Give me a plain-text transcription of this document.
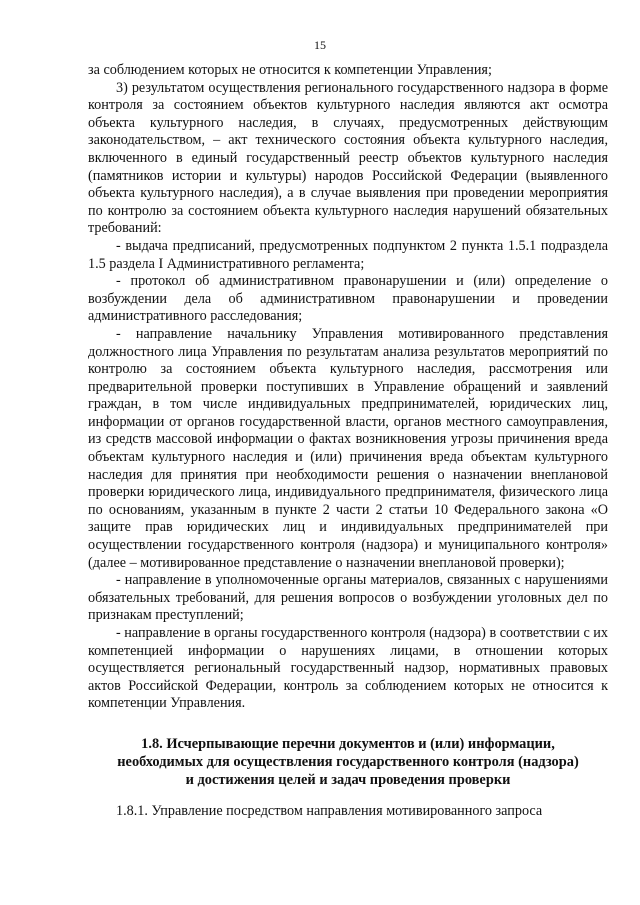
15

за соблюдением которых не относится к компетенции Управления;

3) результатом осуществления регионального государственного надзора в форме контроля за состоянием объектов культурного наследия являются акт осмотра объекта культурного наследия, в случаях, предусмотренных действующим законодательством, – акт технического состояния объекта культурного наследия, включенного в единый государственный реестр объектов культурного наследия (памятников истории и культуры) народов Российской Федерации (выявленного объекта культурного наследия), а в случае выявления при проведении мероприятия по контролю за состоянием объекта культурного наследия нарушений обязательных требований:

- выдача предписаний, предусмотренных подпунктом 2 пункта 1.5.1 подраздела 1.5 раздела I Административного регламента;

- протокол об административном правонарушении и (или) определение о возбуждении дела об административном правонарушении и проведении административного расследования;

- направление начальнику Управления мотивированного представления должностного лица Управления по результатам анализа результатов мероприятий по контролю за состоянием объекта культурного наследия, рассмотрения или предварительной проверки поступивших в Управление обращений и заявлений граждан, в том числе индивидуальных предпринимателей, юридических лиц, информации от органов государственной власти, органов местного самоуправления, из средств массовой информации о фактах возникновения угрозы причинения вреда объектам культурного наследия и (или) причинения вреда объектам культурного наследия для принятия при необходимости решения о назначении внеплановой проверки юридического лица, индивидуального предпринимателя, физического лица по основаниям, указанным в пункте 2 части 2 статьи 10 Федерального закона «О защите прав юридических лиц и индивидуальных предпринимателей при осуществлении государственного контроля (надзора) и муниципального контроля» (далее – мотивированное представление о назначении внеплановой проверки);

- направление в уполномоченные органы материалов, связанных с нарушениями обязательных требований, для решения вопросов о возбуждении уголовных дел по признакам преступлений;

- направление в органы государственного контроля (надзора) в соответствии с их компетенцией информации о нарушениях лицами, в отношении которых осуществляется региональный государственный надзор, нормативных правовых актов Российской Федерации, контроль за соблюдением которых не относится к компетенции Управления.

1.8. Исчерпывающие перечни документов и (или) информации,
необходимых для осуществления государственного контроля (надзора)
и достижения целей и задач проведения проверки

1.8.1. Управление посредством направления мотивированного запроса
